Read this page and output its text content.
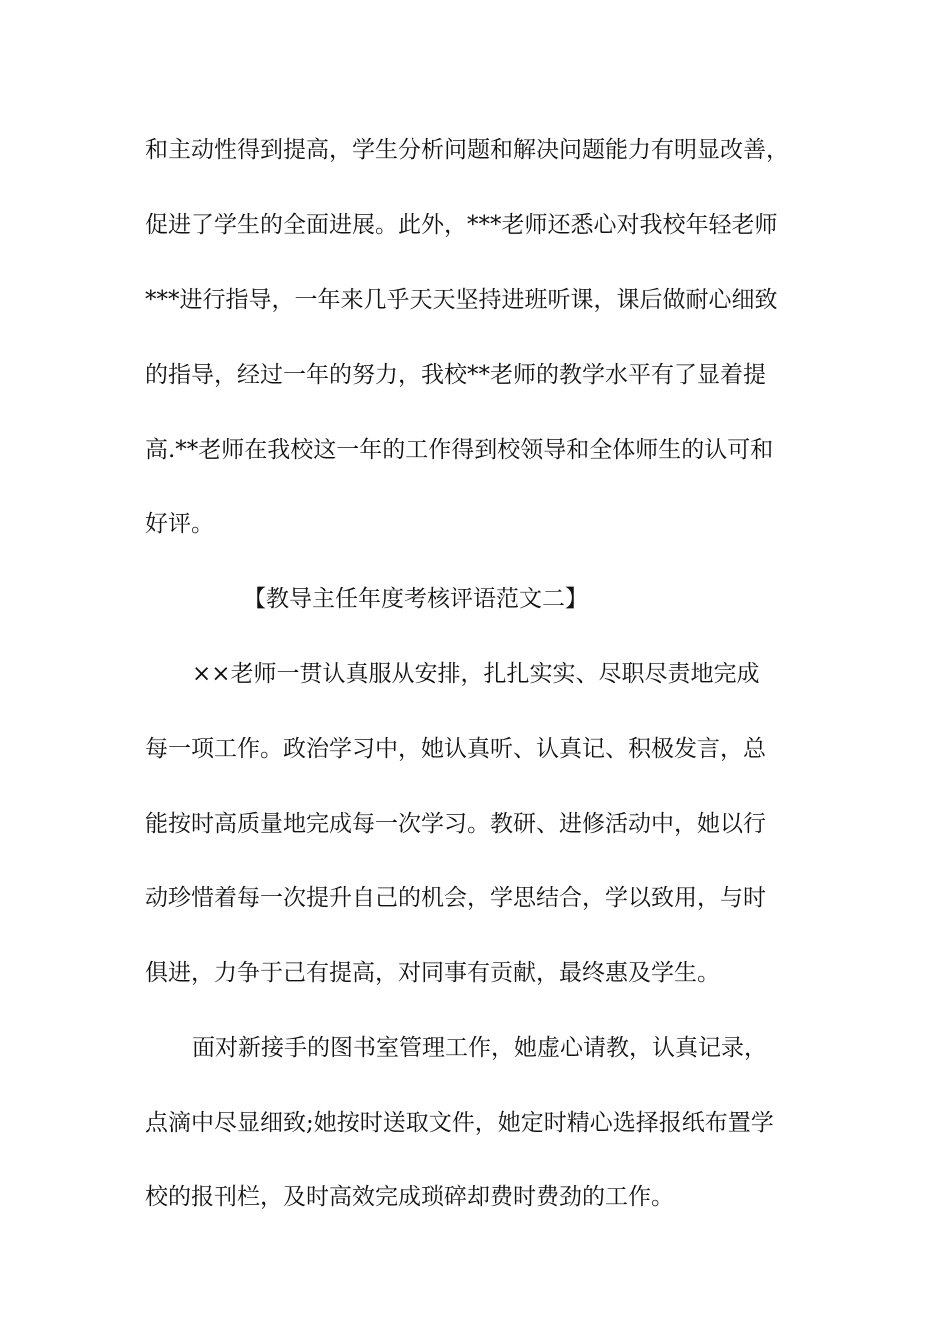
和主动性得到提高，学生分析问题和解决问题能力有明显改善，
促进了学生的全面进展。此外，***老师还悉心对我校年轻老师
***进行指导，一年来几乎天天坚持进班听课，课后做耐心细致
的指导，经过一年的努力，我校**老师的教学水平有了显着提
高.**老师在我校这一年的工作得到校领导和全体师生的认可和
好评。
【教导主任年度考核评语范文二】
××老师一贯认真服从安排，扎扎实实、尽职尽责地完成
每一项工作。政治学习中，她认真听、认真记、积极发言，总
能按时高质量地完成每一次学习。教研、进修活动中，她以行
动珍惜着每一次提升自己的机会，学思结合，学以致用，与时
俱进，力争于己有提高，对同事有贡献，最终惠及学生。
面对新接手的图书室管理工作，她虚心请教，认真记录，
点滴中尽显细致;她按时送取文件，她定时精心选择报纸布置学
校的报刊栏，及时高效完成琐碎却费时费劲的工作。
